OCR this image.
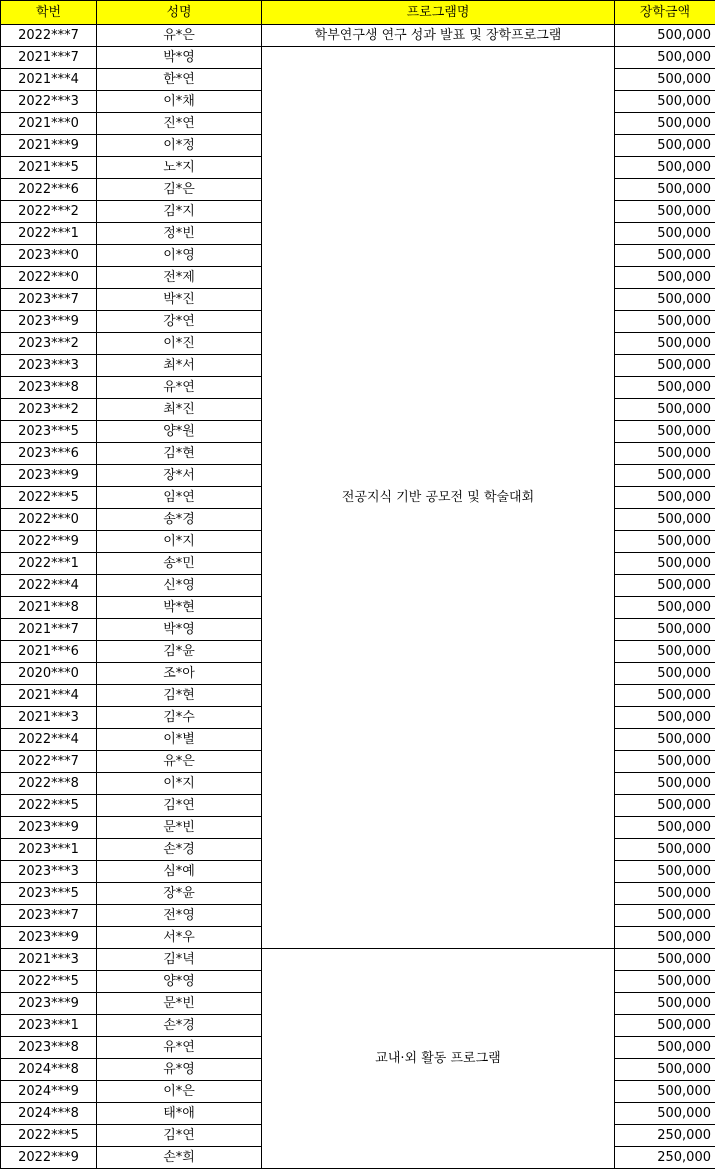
학번	성명	프로그램명	장학금액
2022***7	유*은	학부연구생 연구 성과 발표 및 장학프로그램	500,000
2021***7	박*영	전공지식 기반 공모전 및 학술대회	500,000
2021***4	한*연		500,000
2022***3	이*채		500,000
2021***0	진*연		500,000
2021***9	이*정		500,000
2021***5	노*지		500,000
2022***6	김*은		500,000
2022***2	김*지		500,000
2022***1	정*빈		500,000
2023***0	이*영		500,000
2022***0	전*제		500,000
2023***7	박*진		500,000
2023***9	강*연		500,000
2023***2	이*진		500,000
2023***3	최*서		500,000
2023***8	유*연		500,000
2023***2	최*진		500,000
2023***5	양*원		500,000
2023***6	김*현		500,000
2023***9	장*서		500,000
2022***5	임*연		500,000
2022***0	송*경		500,000
2022***9	이*지		500,000
2022***1	송*민		500,000
2022***4	신*영		500,000
2021***8	박*현		500,000
2021***7	박*영		500,000
2021***6	김*윤		500,000
2020***0	조*아		500,000
2021***4	김*현		500,000
2021***3	김*수		500,000
2022***4	이*별		500,000
2022***7	유*은		500,000
2022***8	이*지		500,000
2022***5	김*연		500,000
2023***9	문*빈		500,000
2023***1	손*경		500,000
2023***3	심*예		500,000
2023***5	장*윤		500,000
2023***7	전*영		500,000
2023***9	서*우		500,000
2021***3	김*녁	교내·외 활동 프로그램	500,000
2022***5	양*영		500,000
2023***9	문*빈		500,000
2023***1	손*경		500,000
2023***8	유*연		500,000
2024***8	유*영		500,000
2024***9	이*은		500,000
2024***8	태*애		500,000
2022***5	김*연		250,000
2022***9	손*희		250,000
